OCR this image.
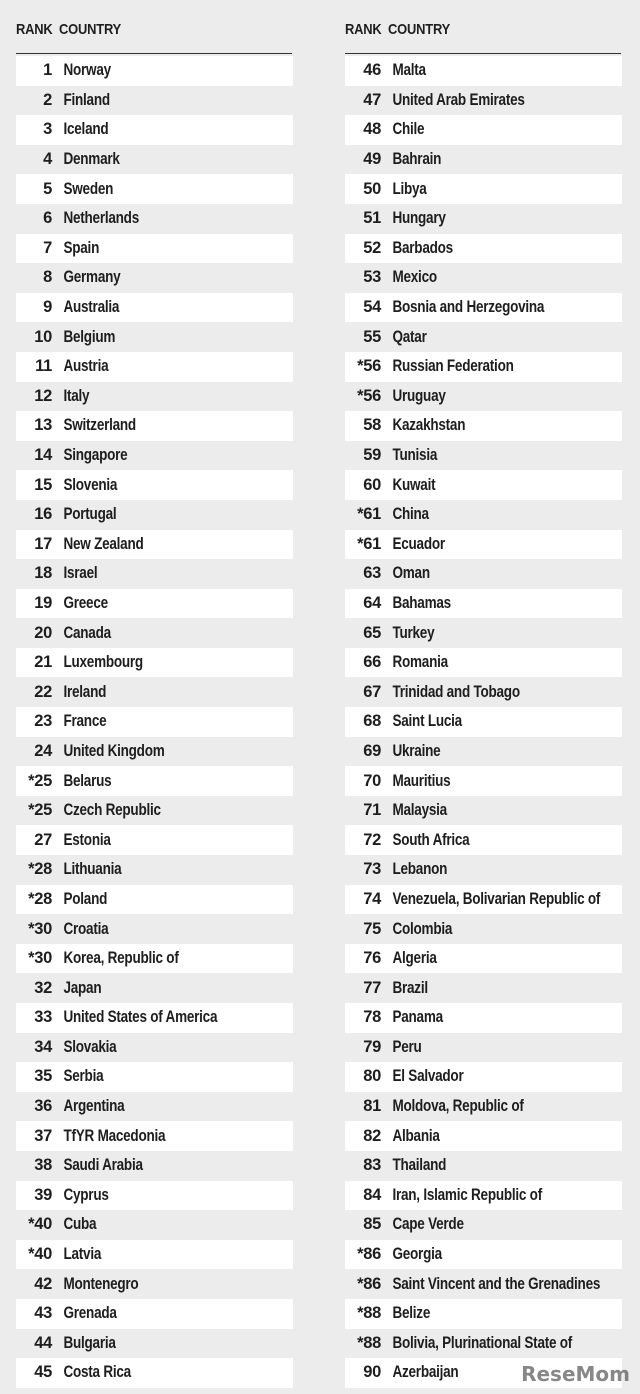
RANK COUNTRY
1 Norway
2 Finland
3 Iceland
4 Denmark
5 Sweden
6 Netherlands
7 Spain
8 Germany
9 Australia
10 Belgium
11 Austria
12 Italy
13 Switzerland
14 Singapore
15 Slovenia
16 Portugal
17 New Zealand
18 Israel
19 Greece
20 Canada
21 Luxembourg
22 Ireland
23 France
24 United Kingdom
*25 Belarus
*25 Czech Republic
27 Estonia
*28 Lithuania
*28 Poland
*30 Croatia
*30 Korea, Republic of
32 Japan
33 United States of America
34 Slovakia
35 Serbia
36 Argentina
37 TfYR Macedonia
38 Saudi Arabia
39 Cyprus
*40 Cuba
*40 Latvia
42 Montenegro
43 Grenada
44 Bulgaria
45 Costa Rica
RANK COUNTRY
46 Malta
47 United Arab Emirates
48 Chile
49 Bahrain
50 Libya
51 Hungary
52 Barbados
53 Mexico
54 Bosnia and Herzegovina
55 Qatar
*56 Russian Federation
*56 Uruguay
58 Kazakhstan
59 Tunisia
60 Kuwait
*61 China
*61 Ecuador
63 Oman
64 Bahamas
65 Turkey
66 Romania
67 Trinidad and Tobago
68 Saint Lucia
69 Ukraine
70 Mauritius
71 Malaysia
72 South Africa
73 Lebanon
74 Venezuela, Bolivarian Republic of
75 Colombia
76 Algeria
77 Brazil
78 Panama
79 Peru
80 El Salvador
81 Moldova, Republic of
82 Albania
83 Thailand
84 Iran, Islamic Republic of
85 Cape Verde
*86 Georgia
*86 Saint Vincent and the Grenadines
*88 Belize
*88 Bolivia, Plurinational State of
90 Azerbaijan	ReseMom
